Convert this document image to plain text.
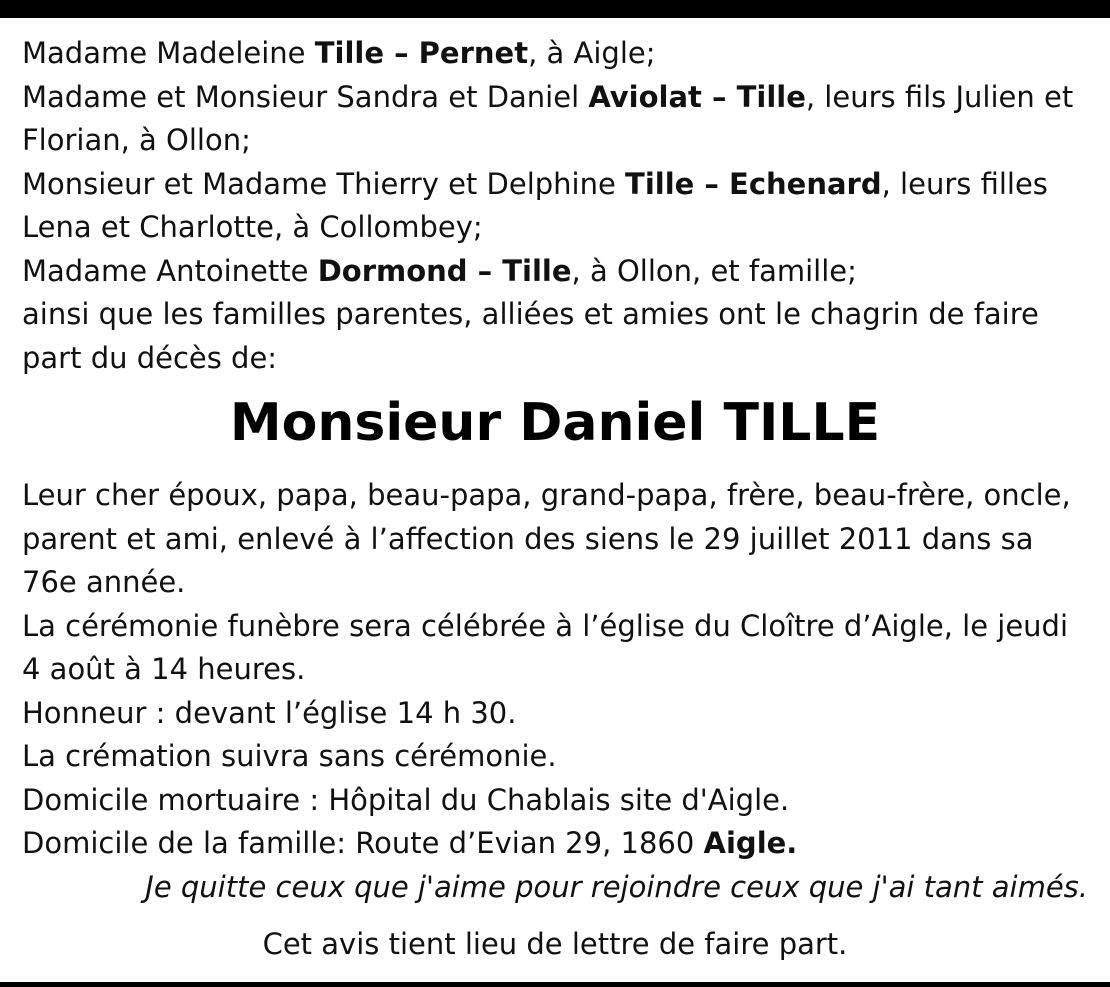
Madame Madeleine Tille – Pernet, à Aigle;

Madame et Monsieur Sandra et Daniel Aviolat – Tille, leurs fils Julien et

Florian, à Ollon;

Monsieur et Madame Thierry et Delphine Tille – Echenard, leurs filles

Lena et Charlotte, à Collombey;

Madame Antoinette Dormond – Tille, à Ollon, et famille;

ainsi que les familles parentes, alliées et amies ont le chagrin de faire

part du décès de:

Monsieur Daniel TILLE

Leur cher époux, papa, beau-papa, grand-papa, frère, beau-frère, oncle,

parent et ami, enlevé à l’affection des siens le 29 juillet 2011 dans sa

76e année.

La cérémonie funèbre sera célébrée à l’église du Cloître d’Aigle, le jeudi

4 août à 14 heures.

Honneur : devant l’église 14 h 30.

La crémation suivra sans cérémonie.

Domicile mortuaire : Hôpital du Chablais site d'Aigle.

Domicile de la famille: Route d’Evian 29, 1860 Aigle.

Je quitte ceux que j'aime pour rejoindre ceux que j'ai tant aimés.

Cet avis tient lieu de lettre de faire part.
